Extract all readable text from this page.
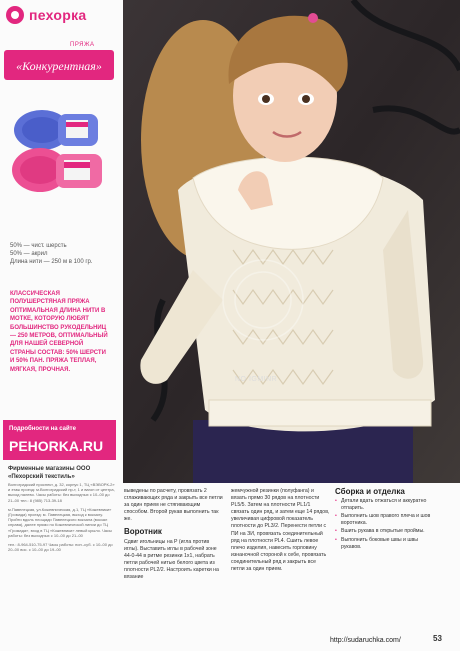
пехорка
ПРЯЖА
«Конкурентная»
50% — чист. шерсть
50% — акрил
Длина нити — 250 м в 100 гр.
КЛАССИЧЕСКАЯ ПОЛУШЕРСТЯНАЯ ПРЯЖА ОПТИМАЛЬНАЯ ДЛИНА НИТИ В МОТКЕ, КОТОРУЮ ЛЮБЯТ БОЛЬШИНСТВО РУКОДЕЛЬНИЦ — 250 МЕТРОВ, ОПТИМАЛЬНЫЙ ДЛЯ НАШЕЙ СЕВЕРНОЙ СТРАНЫ СОСТАВ: 50% ШЕРСТИ И 50% ПАН. ПРЯЖА ТЕПЛАЯ, МЯГКАЯ, ПРОЧНАЯ.
Подробности на сайте
PEHORKA.RU
Фирменные магазины ООО «Пехорский текстиль»

Волгоградский проспект, д. 32, корпус 1, ТЦ «ВЭВОРК-2» и этаж проезд: м.Волгоградский пр-т, 1 и вагон от центра, выход налево. Часы работы: без выходных с 10–00 до 21–00 тел.: 8 (985) 713-39-18

м.Павелецкая, ул.Кожевническая, д.1, ТЦ «Кожевники» (Громада) проезд: м. Павелецкая, выход к вокзалу. Пройти вдоль площади Павелецкого вокзала (вокзал справа), далее прямо по Кожевнической линии до ТЦ «Громада», вход в ТЦ «Кожевники» левый крылo. Часы работы: без выходных с 10–00 до 21–00

тел.: 8-964-510-75-97 Часы работы: пон.-суб. с 10–00 до 20–00 вос. с 10–00 до 19–00

NO IGMINR

выведены по расчету, провязать 2 сглаживающих ряда и закрыть все петли за один прием не стягивающим способом. Второй рукав выполнить так же.

Воротник

Сдвиг игольницы на Р (игла против иглы). Выставить иглы в рабочей зоне 44-0-44 в ритме резинки 1х1, набрать петли рабочей нитью белого цвета из плотности PL2/2. Настроить каретки на вязание

жемчужной резинки (полуфанга) и вязать прямо 30 рядов на плотности PL5/5. Затем на плотности PL1/1 связать один ряд, и затем еще 14 рядов, увеличивая цифровой показатель плотности до PL3/2. Перенести петли с ПИ на ЗИ, провязать соединительный ряд на плотности PL4. Сшить левое плечо изделия, навесить горловину изнаночной стороной к себе, провязать соединительный ряд и закрыть все петли за один прием.

Сборка и отделка
• Детали вдать отжаться и аккуратно отпарить.
• Выполнить шов правого плеча и шов воротника.
• Вшить рукава в открытые проймы.
• Выполнить боковые швы и швы рукавов.
http://sudaruchka.com/	53
